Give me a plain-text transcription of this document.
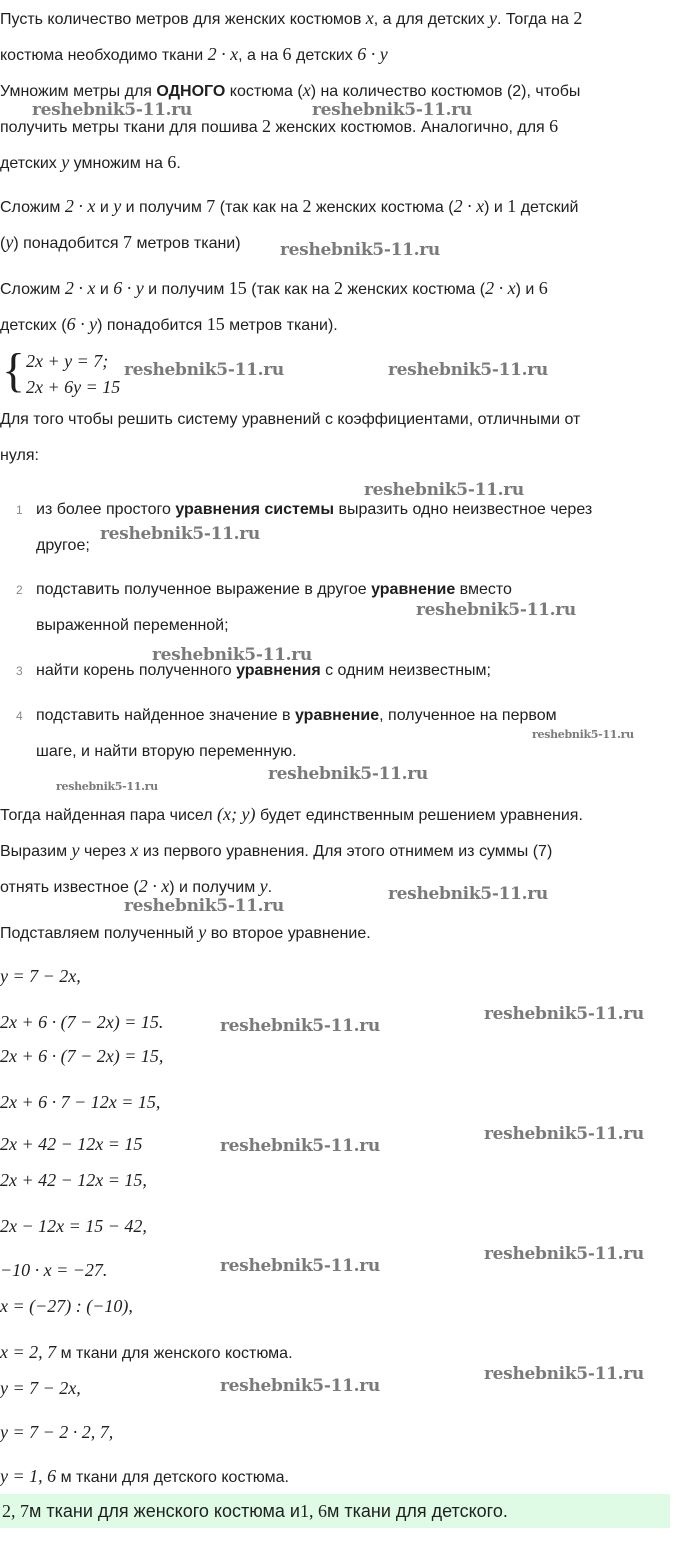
Пусть количество метров для женских костюмов x, а для детских y. Тогда на 2
костюма необходимо ткани 2 · x, а на 6 детских 6 · y
Умножим метры для ОДНОГО костюма (x) на количество костюмов (2), чтобы
получить метры ткани для пошива 2 женских костюмов. Аналогично, для 6
детских y умножим на 6.
Сложим 2 · x и y и получим 7 (так как на 2 женских костюма (2 · x) и 1 детский
(y) понадобится 7 метров ткани)
Сложим 2 · x и 6 · y и получим 15 (так как на 2 женских костюма (2 · x) и 6
детских (6 · y) понадобится 15 метров ткани).
{ 2x + y = 7;
2x + 6y = 15
Для того чтобы решить систему уравнений с коэффициентами, отличными от
нуля:
1 из более простого уравнения системы выразить одно неизвестное через
другое;
2 подставить полученное выражение в другое уравнение вместо
выраженной переменной;
3 найти корень полученного уравнения с одним неизвестным;
4 подставить найденное значение в уравнение, полученное на первом
шаге, и найти вторую переменную.
Тогда найденная пара чисел (x; y) будет единственным решением уравнения.
Выразим y через x из первого уравнения. Для этого отнимем из суммы (7)
отнять известное (2 · x) и получим y.
Подставляем полученный y во второе уравнение.
y = 7 − 2x,
2x + 6 · (7 − 2x) = 15.
2x + 6 · (7 − 2x) = 15,
2x + 6 · 7 − 12x = 15,
2x + 42 − 12x = 15
2x + 42 − 12x = 15,
2x − 12x = 15 − 42,
−10 · x = −27.
x = (−27) : (−10),
x = 2, 7 м ткани для женского костюма.
y = 7 − 2x,
y = 7 − 2 · 2, 7,
y = 1, 6 м ткани для детского костюма.
2, 7 м ткани для женского костюма и 1, 6 м ткани для детского.
reshebnik5-11.ru	reshebnik5-11.ru
reshebnik5-11.ru
reshebnik5-11.ru	reshebnik5-11.ru
reshebnik5-11.ru
reshebnik5-11.ru
reshebnik5-11.ru
reshebnik5-11.ru
reshebnik5-11.ru
reshebnik5-11.ru
reshebnik5-11.ru
reshebnik5-11.ru
reshebnik5-11.ru
reshebnik5-11.ru
reshebnik5-11.ru
reshebnik5-11.ru
reshebnik5-11.ru
reshebnik5-11.ru
reshebnik5-11.ru
reshebnik5-11.ru
reshebnik5-11.ru
